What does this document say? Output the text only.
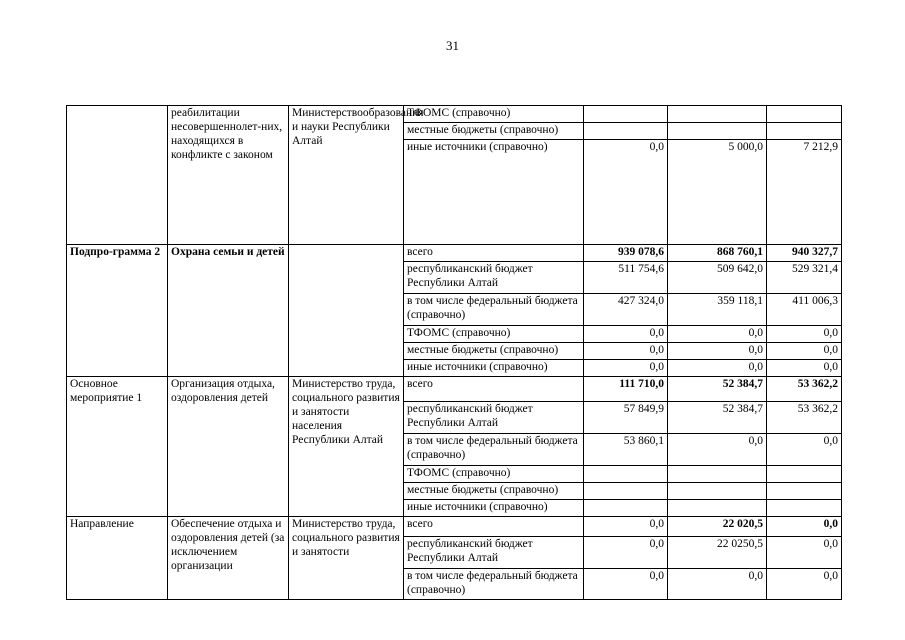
31
	реабилитации несовершеннолет-них, находящихся в конфликте с законом	Министерствообразования и науки Республики Алтай	ТФОМС (справочно)			
			местные бюджеты (справочно)			
			иные источники (справочно)	0,0	5 000,0	7 212,9
Подпро-грамма 2	Охрана семьи и детей		всего	939 078,6	868 760,1	940 327,7
			республиканский бюджет Республики Алтай	511 754,6	509 642,0	529 321,4
			в том числе федеральный бюджета (справочно)	427 324,0	359 118,1	411 006,3
			ТФОМС (справочно)	0,0	0,0	0,0
			местные бюджеты (справочно)	0,0	0,0	0,0
			иные источники (справочно)	0,0	0,0	0,0
Основное мероприятие 1	Организация отдыха, оздоровления детей	Министерство труда, социального развития и занятости населения Республики Алтай	всего	111 710,0	52 384,7	53 362,2
			республиканский бюджет Республики Алтай	57 849,9	52 384,7	53 362,2
			в том числе федеральный бюджета (справочно)	53 860,1	0,0	0,0
			ТФОМС (справочно)			
			местные бюджеты (справочно)			
			иные источники (справочно)			
Направление	Обеспечение отдыха и оздоровления детей (за исключением организации	Министерство труда, социального развития и занятости	всего	0,0	22 020,5	0,0
			республиканский бюджет Республики Алтай	0,0	22 0250,5	0,0
			в том числе федеральный бюджета (справочно)	0,0	0,0	0,0
